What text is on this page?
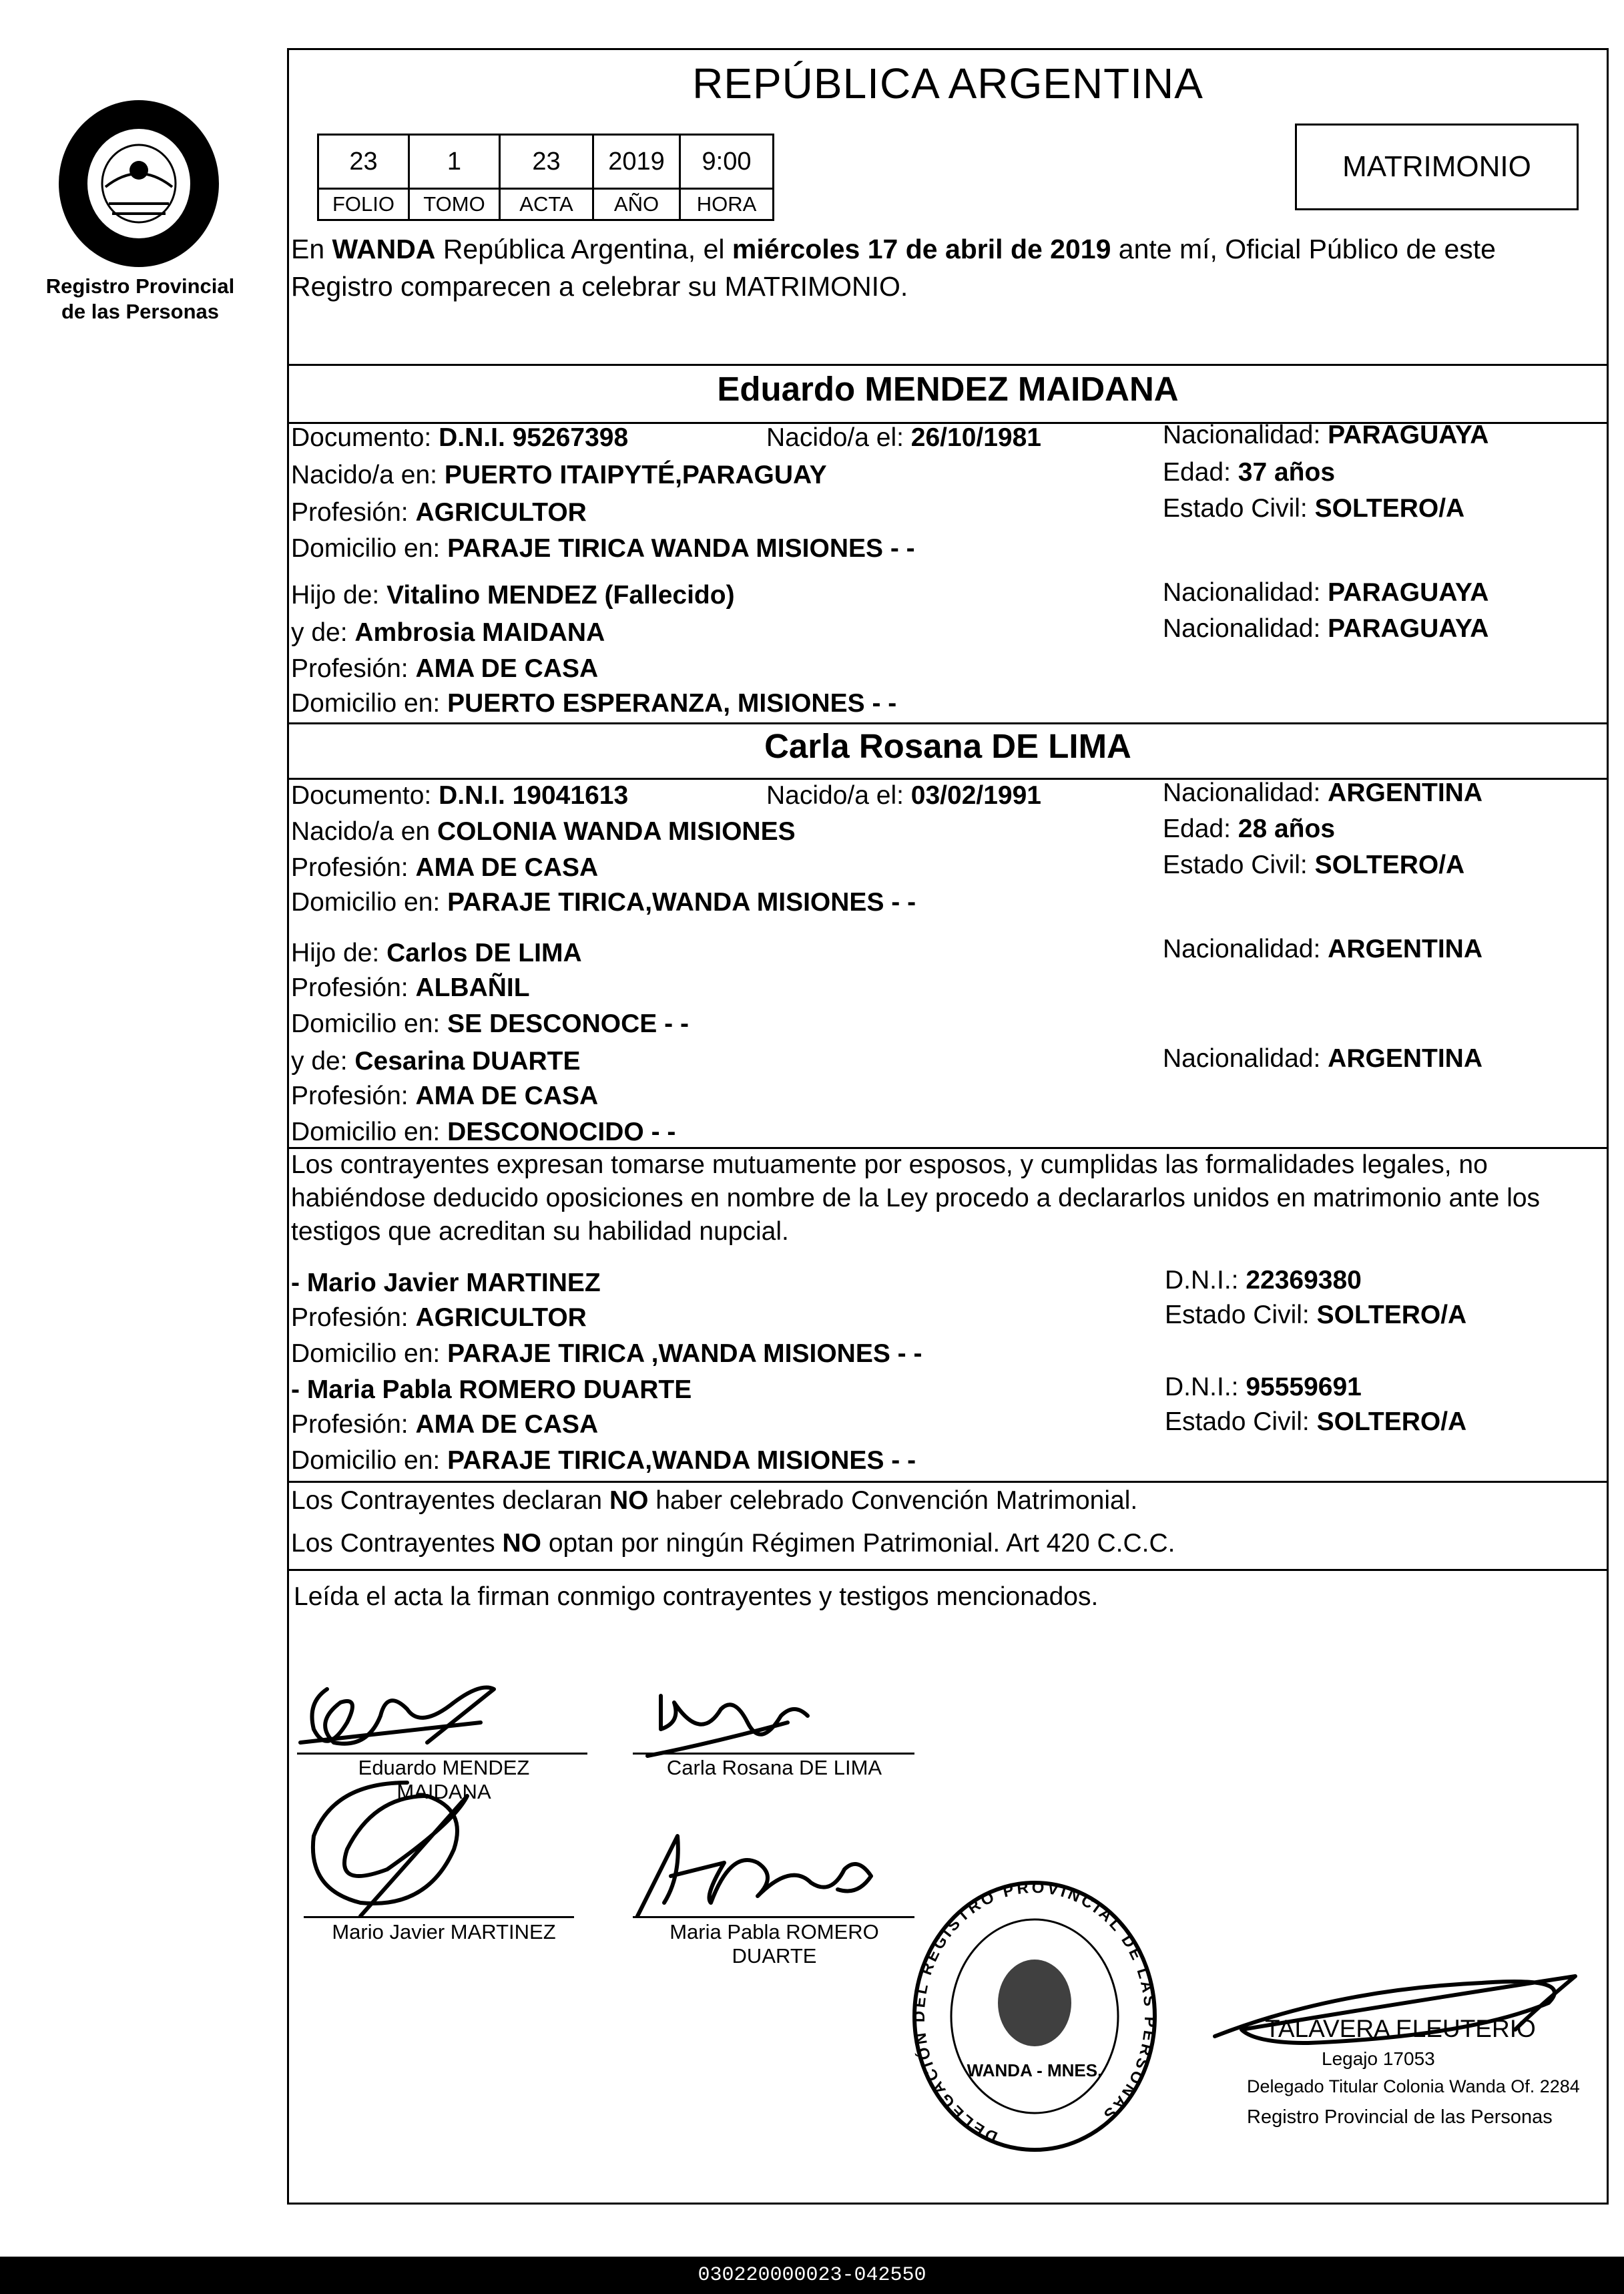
Registro Provincial
de las Personas
REPÚBLICA ARGENTINA
23	1	23	2019	9:00
FOLIO	TOMO	ACTA	AÑO	HORA
MATRIMONIO
En WANDA República Argentina, el miércoles 17 de abril de 2019 ante mí, Oficial Público de este Registro comparecen a celebrar su MATRIMONIO.
Eduardo MENDEZ MAIDANA
Documento: D.N.I. 95267398	Nacido/a el: 26/10/1981	Nacionalidad: PARAGUAYA
Nacido/a en: PUERTO ITAIPYTÉ,PARAGUAY	Edad: 37 años
Profesión: AGRICULTOR	Estado Civil: SOLTERO/A
Domicilio en: PARAJE TIRICA WANDA MISIONES - -
Hijo de: Vitalino MENDEZ (Fallecido)	Nacionalidad: PARAGUAYA
y de: Ambrosia MAIDANA	Nacionalidad: PARAGUAYA
Profesión: AMA DE CASA
Domicilio en: PUERTO ESPERANZA, MISIONES - -
Carla Rosana DE LIMA
Documento: D.N.I. 19041613	Nacido/a el: 03/02/1991	Nacionalidad: ARGENTINA
Nacido/a en COLONIA WANDA MISIONES	Edad: 28 años
Profesión: AMA DE CASA	Estado Civil: SOLTERO/A
Domicilio en: PARAJE TIRICA,WANDA MISIONES - -
Hijo de: Carlos DE LIMA	Nacionalidad: ARGENTINA
Profesión: ALBAÑIL
Domicilio en: SE DESCONOCE - -
y de: Cesarina DUARTE	Nacionalidad: ARGENTINA
Profesión: AMA DE CASA
Domicilio en: DESCONOCIDO - -
Los contrayentes expresan tomarse mutuamente por esposos, y cumplidas las formalidades legales, no habiéndose deducido oposiciones en nombre de la Ley procedo a declararlos unidos en matrimonio ante los testigos que acreditan su habilidad nupcial.
- Mario Javier MARTINEZ	D.N.I.: 22369380
Profesión: AGRICULTOR	Estado Civil: SOLTERO/A
Domicilio en: PARAJE TIRICA ,WANDA MISIONES - -
- Maria Pabla ROMERO DUARTE	D.N.I.: 95559691
Profesión: AMA DE CASA	Estado Civil: SOLTERO/A
Domicilio en: PARAJE TIRICA,WANDA MISIONES - -
Los Contrayentes declaran NO haber celebrado Convención Matrimonial.
Los Contrayentes NO optan por ningún Régimen Patrimonial. Art 420 C.C.C.
Leída el acta la firman conmigo contrayentes y testigos mencionados.
Eduardo MENDEZ
MAIDANA
Carla Rosana DE LIMA
Mario Javier MARTINEZ	Maria Pabla ROMERO
DUARTE
DELEGACIÓN DEL REGISTRO PROVINCIAL DE LAS PERSONAS
WANDA - MNES.
TALAVERA ELEUTERIO
Legajo 17053
Delegado Titular Colonia Wanda Of. 2284
Registro Provincial de las Personas
030220000023-042550
